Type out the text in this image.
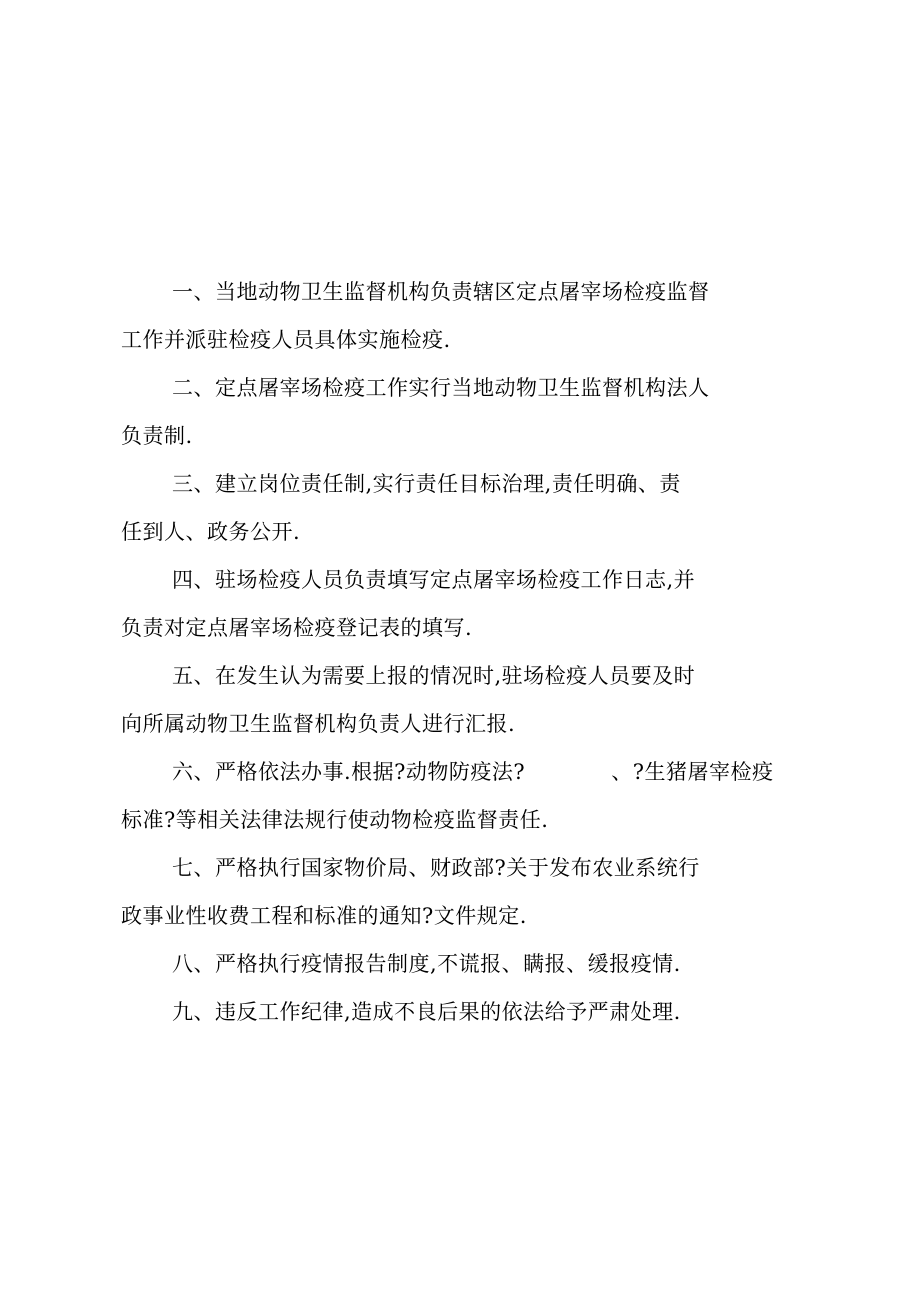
一、当地动物卫生监督机构负责辖区定点屠宰场检疫监督
工作并派驻检疫人员具体实施检疫.
二、定点屠宰场检疫工作实行当地动物卫生监督机构法人
负责制.
三、建立岗位责任制,实行责任目标治理,责任明确、责
任到人、政务公开.
四、驻场检疫人员负责填写定点屠宰场检疫工作日志,并
负责对定点屠宰场检疫登记表的填写.
五、在发生认为需要上报的情况时,驻场检疫人员要及时
向所属动物卫生监督机构负责人进行汇报.
六、严格依法办事.根据?动物防疫法?	、?生猪屠宰检疫
标准?等相关法律法规行使动物检疫监督责任.
七、严格执行国家物价局、财政部?关于发布农业系统行
政事业性收费工程和标准的通知?文件规定.
八、严格执行疫情报告制度,不谎报、瞒报、缓报疫情.
九、违反工作纪律,造成不良后果的依法给予严肃处理.
